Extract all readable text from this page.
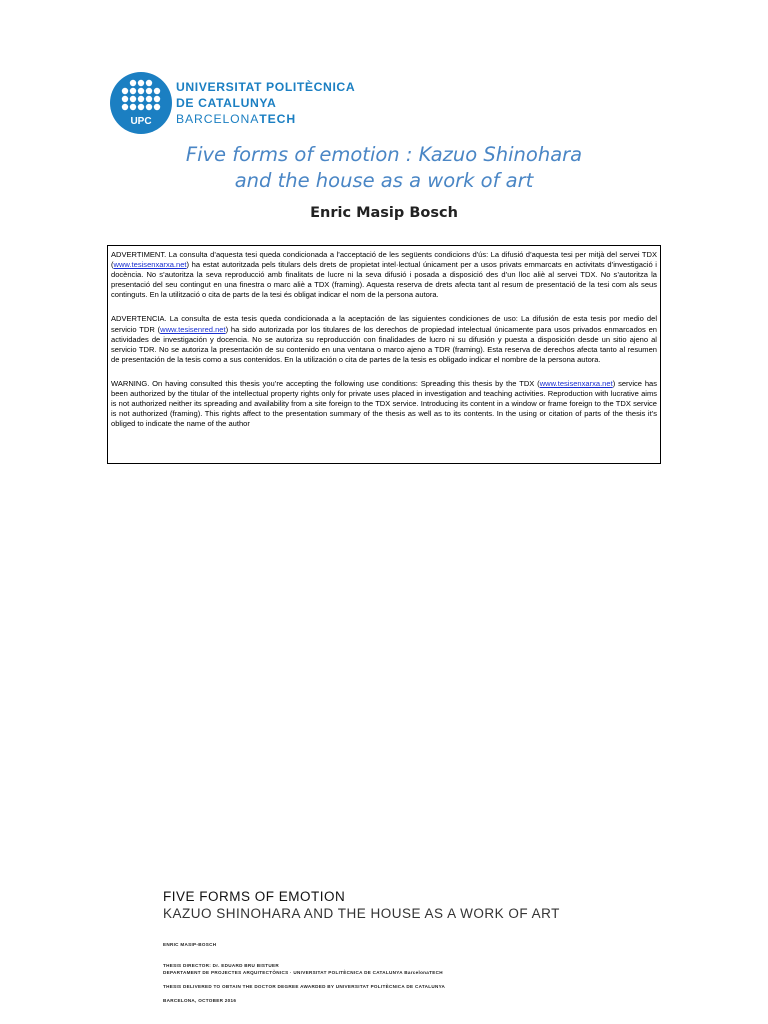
UPC
UNIVERSITAT POLITÈCNICA
DE CATALUNYA
BARCELONATECH
Five forms of emotion : Kazuo Shinohara
and the house as a work of art
Enric Masip Bosch

ADVERTIMENT. La consulta d’aquesta tesi queda condicionada a l’acceptació de les següents condicions d'ús: La difusió d’aquesta tesi per mitjà del servei TDX (www.tesisenxarxa.net) ha estat autoritzada pels titulars dels drets de propietat intel·lectual únicament per a usos privats emmarcats en activitats d’investigació i docència. No s’autoritza la seva reproducció amb finalitats de lucre ni la seva difusió i posada a disposició des d’un lloc aliè al servei TDX. No s’autoritza la presentació del seu contingut en una finestra o marc aliè a TDX (framing). Aquesta reserva de drets afecta tant al resum de presentació de la tesi com als seus continguts. En la utilització o cita de parts de la tesi és obligat indicar el nom de la persona autora.

ADVERTENCIA. La consulta de esta tesis queda condicionada a la aceptación de las siguientes condiciones de uso: La difusión de esta tesis por medio del servicio TDR (www.tesisenred.net) ha sido autorizada por los titulares de los derechos de propiedad intelectual únicamente para usos privados enmarcados en actividades de investigación y docencia. No se autoriza su reproducción con finalidades de lucro ni su difusión y puesta a disposición desde un sitio ajeno al servicio TDR. No se autoriza la presentación de su contenido en una ventana o marco ajeno a TDR (framing). Esta reserva de derechos afecta tanto al resumen de presentación de la tesis como a sus contenidos. En la utilización o cita de partes de la tesis es obligado indicar el nombre de la persona autora.

WARNING. On having consulted this thesis you’re accepting the following use conditions: Spreading this thesis by the TDX (www.tesisenxarxa.net) service has been authorized by the titular of the intellectual property rights only for private uses placed in investigation and teaching activities. Reproduction with lucrative aims is not authorized neither its spreading and availability from a site foreign to the TDX service. Introducing its content in a window or frame foreign to the TDX service is not authorized (framing). This rights affect to the presentation summary of the thesis as well as to its contents. In the using or citation of parts of the thesis it’s obliged to indicate the name of the author

FIVE FORMS OF EMOTION
KAZUO SHINOHARA AND THE HOUSE AS A WORK OF ART
ENRIC MASIP-BOSCH
THESIS DIRECTOR: Dr. EDUARD BRU BISTUER
DEPARTAMENT DE PROJECTES ARQUITECTÒNICS · UNIVERSITAT POLITÈCNICA DE CATALUNYA BarcelonaTECH
THESIS DELIVERED TO OBTAIN THE DOCTOR DEGREE AWARDED BY UNIVERSITAT POLITÈCNICA DE CATALUNYA
BARCELONA, OCTOBER 2016
